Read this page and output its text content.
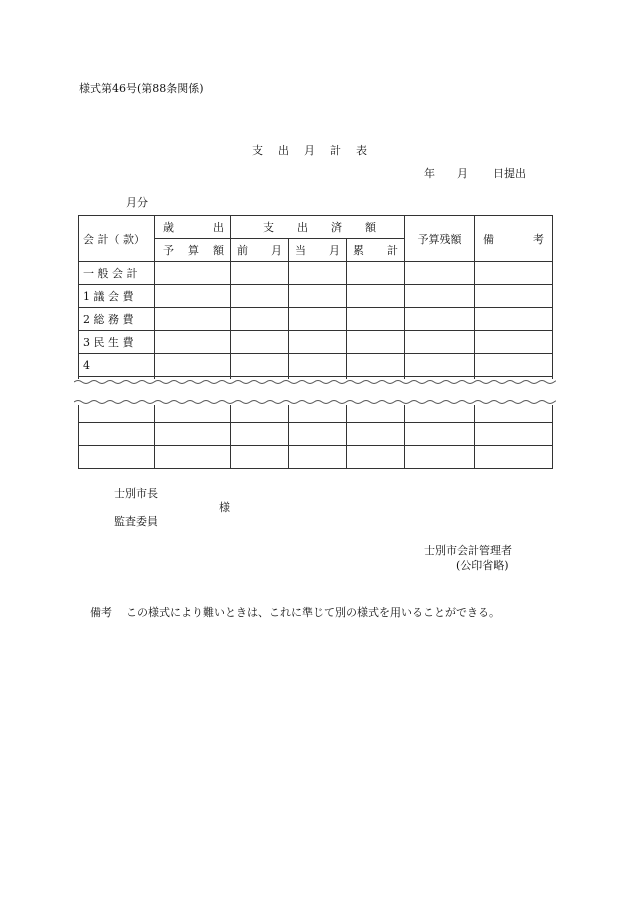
様式第46号(第88条関係)
支　出　月　計　表
年 月 日提出
月分
会 計（ 款）	歳 出	支 出 済 額			予算残額	備 考

	予 算 額	前 月	当 月	累 計		

一 般 会 計						
1 議 会 費						
2 総 務 費						
3 民 生 費						
4						

士別市長
様
監査委員
士別市会計管理者
(公印省略)
備考 この様式により難いときは、これに準じて別の様式を用いることができる。
